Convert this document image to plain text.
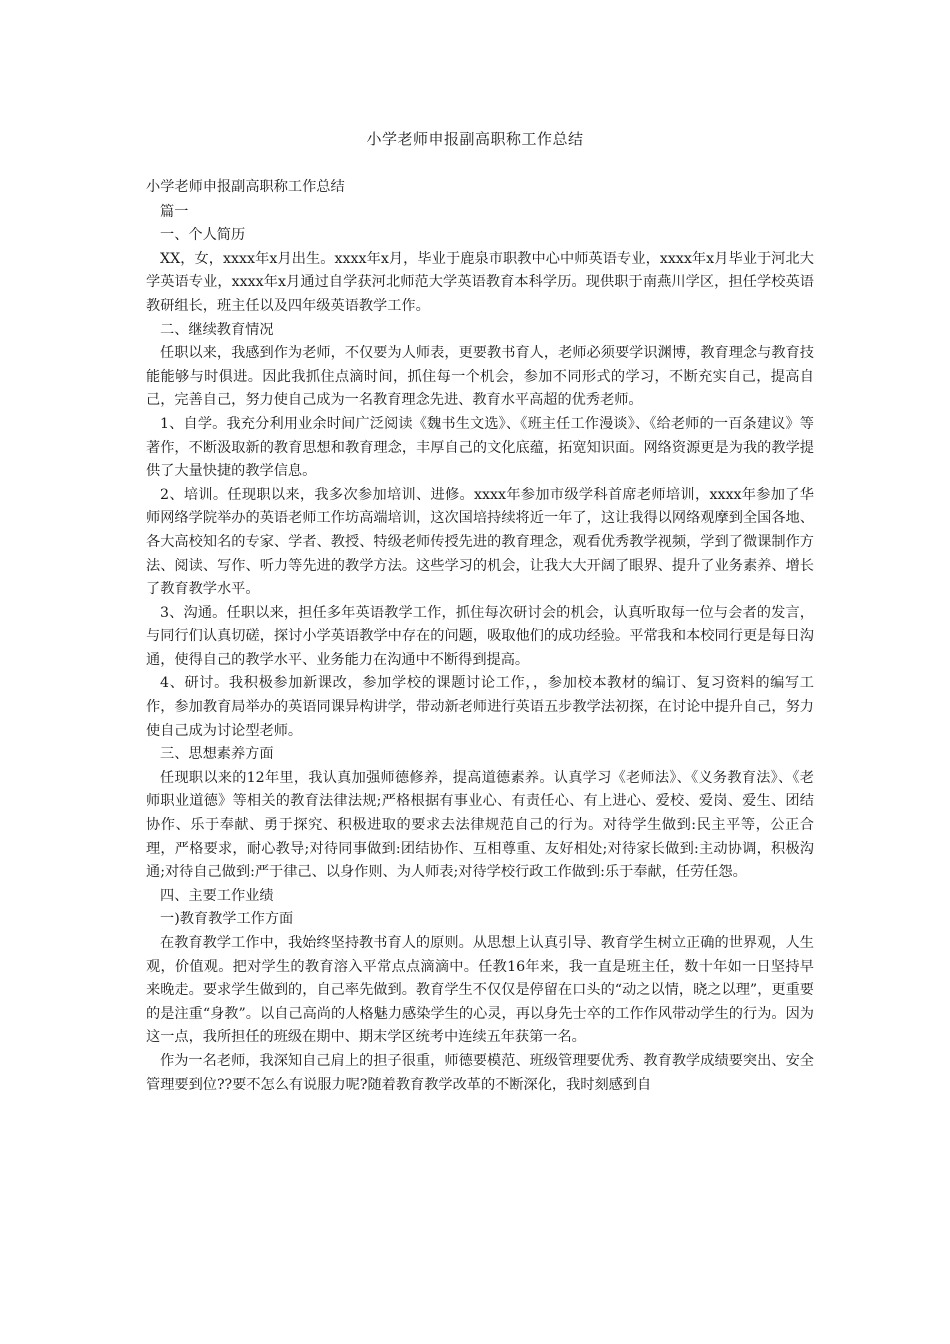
小学老师申报副高职称工作总结

小学老师申报副高职称工作总结

篇一

一、个人简历

XX，女，xxxx年x月出生。xxxx年x月，毕业于鹿泉市职教中心中师英语专业，xxxx年x月毕业于河北大学英语专业，xxxx年x月通过自学获河北师范大学英语教育本科学历。现供职于南燕川学区，担任学校英语教研组长，班主任以及四年级英语教学工作。

二、继续教育情况

任职以来，我感到作为老师，不仅要为人师表，更要教书育人，老师必须要学识渊博，教育理念与教育技能能够与时俱进。因此我抓住点滴时间，抓住每一个机会，参加不同形式的学习，不断充实自己，提高自己，完善自己，努力使自己成为一名教育理念先进、教育水平高超的优秀老师。

1、自学。我充分利用业余时间广泛阅读《魏书生文选》、《班主任工作漫谈》、《给老师的一百条建议》等著作，不断汲取新的教育思想和教育理念，丰厚自己的文化底蕴，拓宽知识面。网络资源更是为我的教学提供了大量快捷的教学信息。

2、培训。任现职以来，我多次参加培训、进修。xxxx年参加市级学科首席老师培训，xxxx年参加了华师网络学院举办的英语老师工作坊高端培训，这次国培持续将近一年了，这让我得以网络观摩到全国各地、各大高校知名的专家、学者、教授、特级老师传授先进的教育理念，观看优秀教学视频，学到了微课制作方法、阅读、写作、听力等先进的教学方法。这些学习的机会，让我大大开阔了眼界、提升了业务素养、增长了教育教学水平。

3、沟通。任职以来，担任多年英语教学工作，抓住每次研讨会的机会，认真听取每一位与会者的发言，与同行们认真切磋，探讨小学英语教学中存在的问题，吸取他们的成功经验。平常我和本校同行更是每日沟通，使得自己的教学水平、业务能力在沟通中不断得到提高。

4、研讨。我积极参加新课改，参加学校的课题讨论工作，，参加校本教材的编订、复习资料的编写工作，参加教育局举办的英语同课异构讲学，带动新老师进行英语五步教学法初探，在讨论中提升自己，努力使自己成为讨论型老师。

三、思想素养方面

任现职以来的12年里，我认真加强师德修养，提高道德素养。认真学习《老师法》、《义务教育法》、《老师职业道德》等相关的教育法律法规;严格根据有事业心、有责任心、有上进心、爱校、爱岗、爱生、团结协作、乐于奉献、勇于探究、积极进取的要求去法律规范自己的行为。对待学生做到:民主平等，公正合理，严格要求，耐心教导;对待同事做到:团结协作、互相尊重、友好相处;对待家长做到:主动协调，积极沟通;对待自己做到:严于律己、以身作则、为人师表;对待学校行政工作做到:乐于奉献，任劳任怨。

四、主要工作业绩

一)教育教学工作方面

在教育教学工作中，我始终坚持教书育人的原则。从思想上认真引导、教育学生树立正确的世界观，人生观，价值观。把对学生的教育溶入平常点点滴滴中。任教16年来，我一直是班主任，数十年如一日坚持早来晚走。要求学生做到的，自己率先做到。教育学生不仅仅是停留在口头的“动之以情，晓之以理”，更重要的是注重“身教”。以自己高尚的人格魅力感染学生的心灵，再以身先士卒的工作作风带动学生的行为。因为这一点，我所担任的班级在期中、期末学区统考中连续五年获第一名。

作为一名老师，我深知自己肩上的担子很重，师德要模范、班级管理要优秀、教育教学成绩要突出、安全管理要到位??要不怎么有说服力呢?随着教育教学改革的不断深化，我时刻感到自
